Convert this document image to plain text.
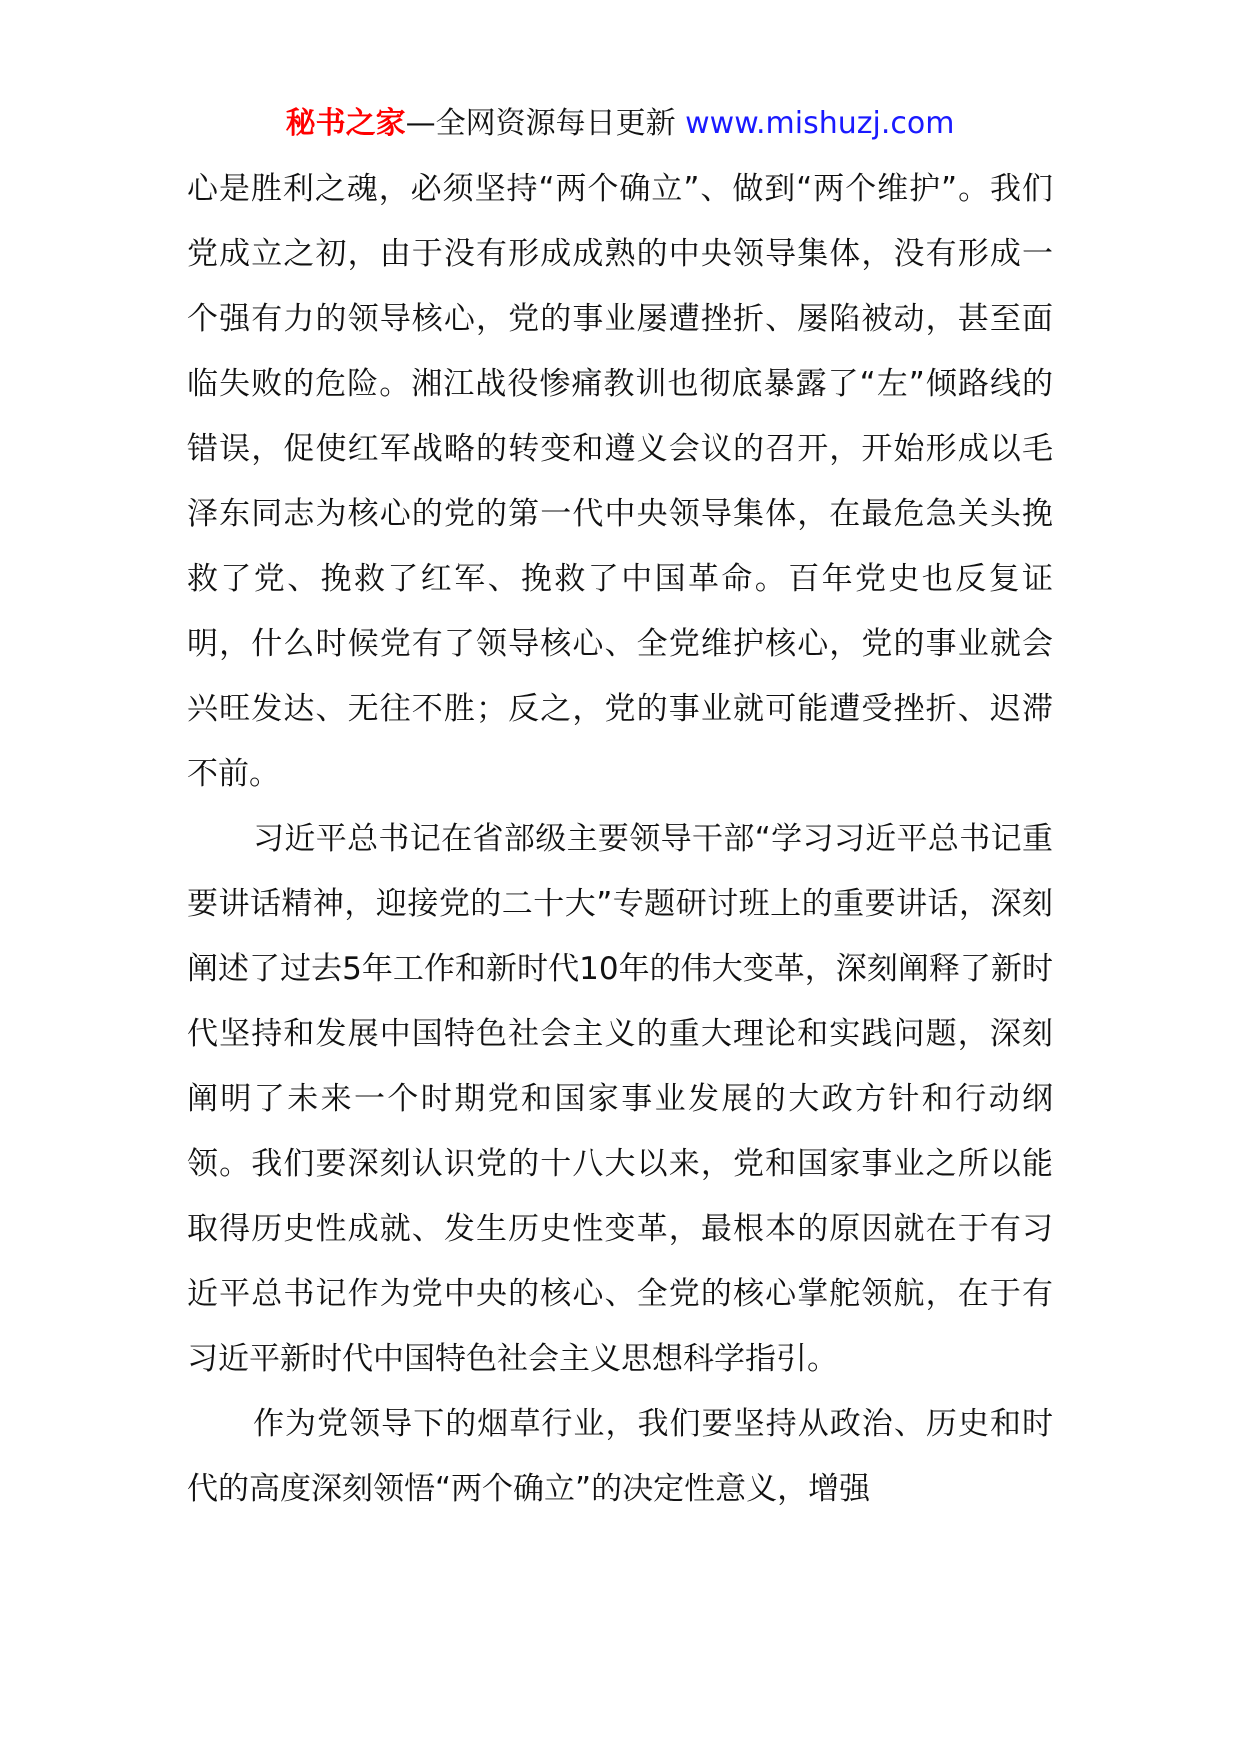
秘书之家—全网资源每日更新 www.mishuzj.com

心是胜利之魂，必须坚持“两个确立”、做到“两个维护”。我们党成立之初，由于没有形成成熟的中央领导集体，没有形成一个强有力的领导核心，党的事业屡遭挫折、屡陷被动，甚至面临失败的危险。湘江战役惨痛教训也彻底暴露了“左”倾路线的错误，促使红军战略的转变和遵义会议的召开，开始形成以毛泽东同志为核心的党的第一代中央领导集体，在最危急关头挽救了党、挽救了红军、挽救了中国革命。百年党史也反复证明，什么时候党有了领导核心、全党维护核心，党的事业就会兴旺发达、无往不胜；反之，党的事业就可能遭受挫折、迟滞不前。

习近平总书记在省部级主要领导干部“学习习近平总书记重要讲话精神，迎接党的二十大”专题研讨班上的重要讲话，深刻阐述了过去5年工作和新时代10年的伟大变革，深刻阐释了新时代坚持和发展中国特色社会主义的重大理论和实践问题，深刻阐明了未来一个时期党和国家事业发展的大政方针和行动纲领。我们要深刻认识党的十八大以来，党和国家事业之所以能取得历史性成就、发生历史性变革，最根本的原因就在于有习近平总书记作为党中央的核心、全党的核心掌舵领航，在于有习近平新时代中国特色社会主义思想科学指引。

作为党领导下的烟草行业，我们要坚持从政治、历史和时代的高度深刻领悟“两个确立”的决定性意义，增强
